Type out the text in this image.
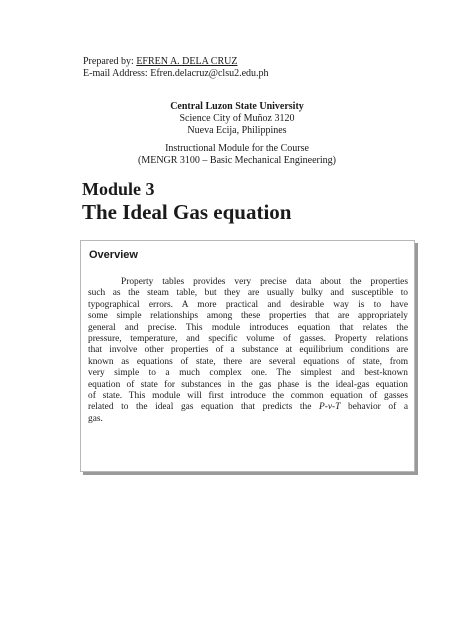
Prepared by: EFREN A. DELA CRUZ
E-mail Address: Efren.delacruz@clsu2.edu.ph
Central Luzon State University
Science City of Muñoz 3120
Nueva Ecija, Philippines
Instructional Module for the Course
(MENGR 3100 – Basic Mechanical Engineering)
Module 3
The Ideal Gas equation
Overview
Property tables provides very precise data about the properties
such as the steam table, but they are usually bulky and susceptible to
typographical errors. A more practical and desirable way is to have
some simple relationships among these properties that are appropriately
general and precise. This module introduces equation that relates the
pressure, temperature, and specific volume of gasses. Property relations
that involve other properties of a substance at equilibrium conditions are
known as equations of state, there are several equations of state, from
very simple to a much complex one. The simplest and best-known
equation of state for substances in the gas phase is the ideal-gas equation
of state. This module will first introduce the common equation of gasses
related to the ideal gas equation that predicts the P-v-T behavior of a
gas.
